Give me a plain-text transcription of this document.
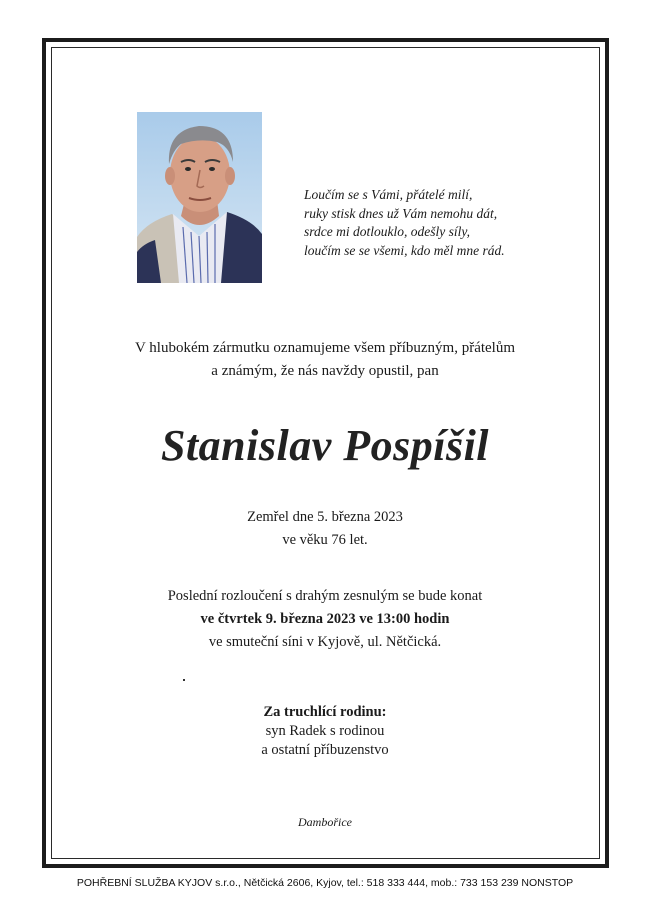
Loučím se s Vámi, přátelé milí,
ruky stisk dnes už Vám nemohu dát,
srdce mi dotlouklo, odešly síly,
loučím se se všemi, kdo měl mne rád.
V hlubokém zármutku oznamujeme všem příbuzným, přátelům
a známým, že nás navždy opustil, pan
Stanislav Pospíšil
Zemřel dne 5. března 2023
ve věku 76 let.
Poslední rozloučení s drahým zesnulým se bude konat
ve čtvrtek 9. března 2023 ve 13:00 hodin
ve smuteční síni v Kyjově, ul. Nětčická.
Za truchlící rodinu:
syn Radek s rodinou
a ostatní příbuzenstvo
Dambořice
POHŘEBNÍ SLUŽBA KYJOV s.r.o., Nětčická 2606, Kyjov, tel.: 518 333 444, mob.: 733 153 239 NONSTOP
